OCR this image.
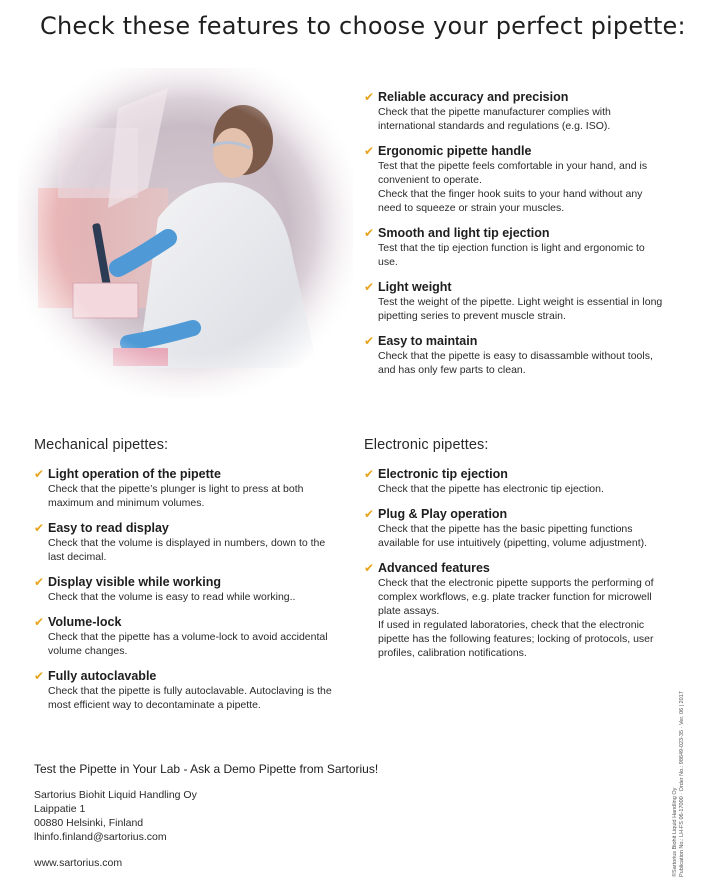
Check these features to choose your perfect pipette:
✔ Reliable accuracy and precision
Check that the pipette manufacturer complies with
international standards and regulations (e.g. ISO).
✔ Ergonomic pipette handle
Test that the pipette feels comfortable in your hand, and is
convenient to operate.
Check that the finger hook suits to your hand without any
need to squeeze or strain your muscles.
✔ Smooth and light tip ejection
Test that the tip ejection function is light and ergonomic to
use.
✔ Light weight
Test the weight of the pipette. Light weight is essential in long
pipetting series to prevent muscle strain.
✔ Easy to maintain
Check that the pipette is easy to disassamble without tools,
and has only few parts to clean.
Mechanical pipettes:
✔ Light operation of the pipette
Check that the pipette’s plunger is light to press at both
maximum and minimum volumes.
✔ Easy to read display
Check that the volume is displayed in numbers, down to the
last decimal.
✔ Display visible while working
Check that the volume is easy to read while working..
✔ Volume-lock
Check that the pipette has a volume-lock to avoid accidental
volume changes.
✔ Fully autoclavable
Check that the pipette is fully autoclavable. Autoclaving is the
most efficient way to decontaminate a pipette.
Electronic pipettes:
✔ Electronic tip ejection
Check that the pipette has electronic tip ejection.
✔ Plug & Play operation
Check that the pipette has the basic pipetting functions
available for use intuitively (pipetting, volume adjustment).
✔ Advanced features
Check that the electronic pipette supports the performing of
complex workflows, e.g. plate tracker function for microwell
plate assays.
If used in regulated laboratories, check that the electronic
pipette has the following features; locking of protocols, user
profiles, calibration notifications.
Test the Pipette in Your Lab - Ask a Demo Pipette from Sartorius!
Sartorius Biohit Liquid Handling Oy
Laippatie 1
00880 Helsinki, Finland
lhinfo.finland@sartorius.com
www.sartorius.com	©Sartorius Biohit Liquid Handling Oy Publication No.: LH-FS 06-17000 · Order No.: 98649-023-35 · Ver. 06 | 2017
